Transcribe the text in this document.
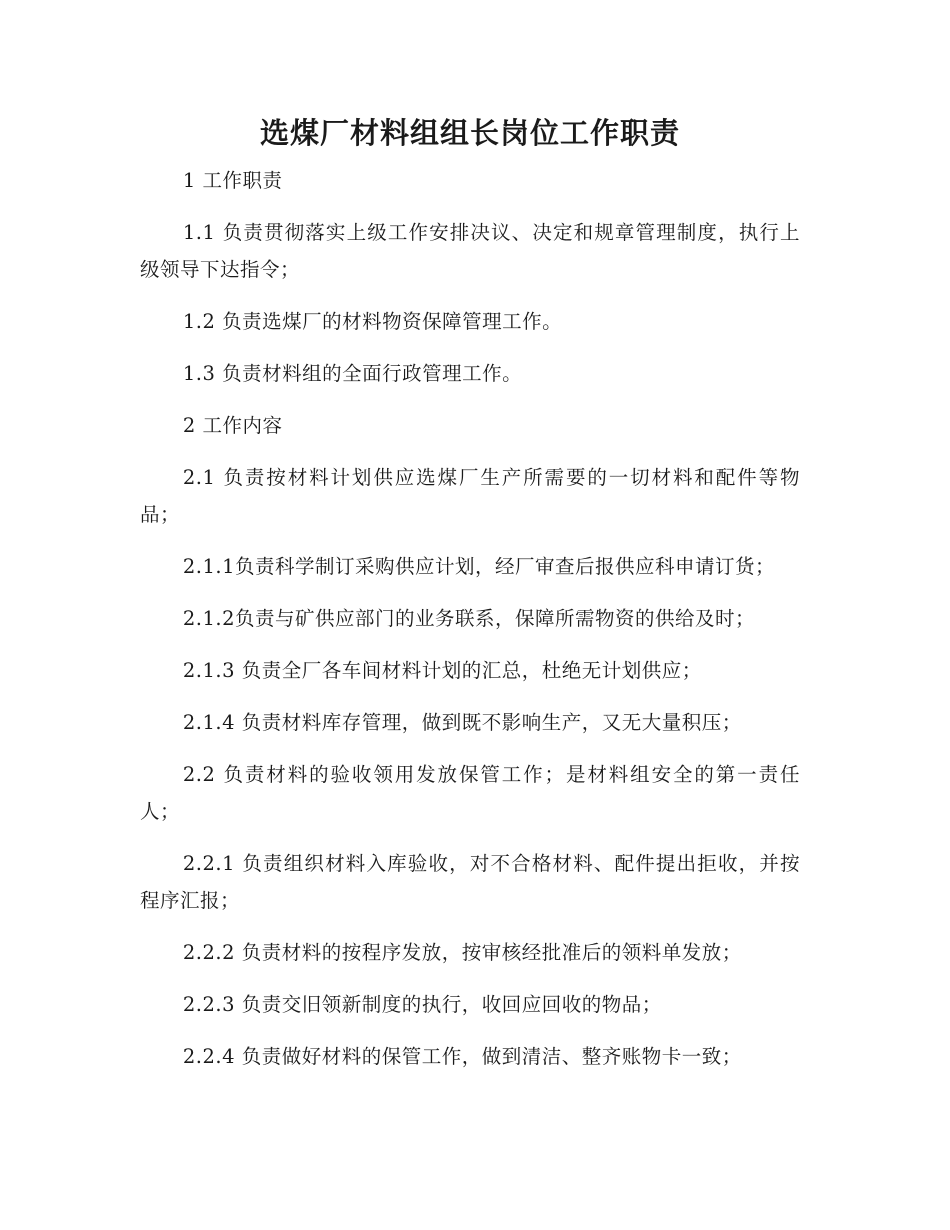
选煤厂材料组组长岗位工作职责

1 工作职责

1.1 负责贯彻落实上级工作安排决议、决定和规章管理制度，执行上级领导下达指令；

1.2 负责选煤厂的材料物资保障管理工作。

1.3 负责材料组的全面行政管理工作。

2 工作内容

2.1 负责按材料计划供应选煤厂生产所需要的一切材料和配件等物品；

2.1.1负责科学制订采购供应计划，经厂审查后报供应科申请订货；

2.1.2负责与矿供应部门的业务联系，保障所需物资的供给及时；

2.1.3 负责全厂各车间材料计划的汇总，杜绝无计划供应；

2.1.4 负责材料库存管理，做到既不影响生产，又无大量积压；

2.2 负责材料的验收领用发放保管工作；是材料组安全的第一责任人；

2.2.1 负责组织材料入库验收，对不合格材料、配件提出拒收，并按程序汇报；

2.2.2 负责材料的按程序发放，按审核经批准后的领料单发放；

2.2.3 负责交旧领新制度的执行，收回应回收的物品；

2.2.4 负责做好材料的保管工作，做到清洁、整齐账物卡一致；
